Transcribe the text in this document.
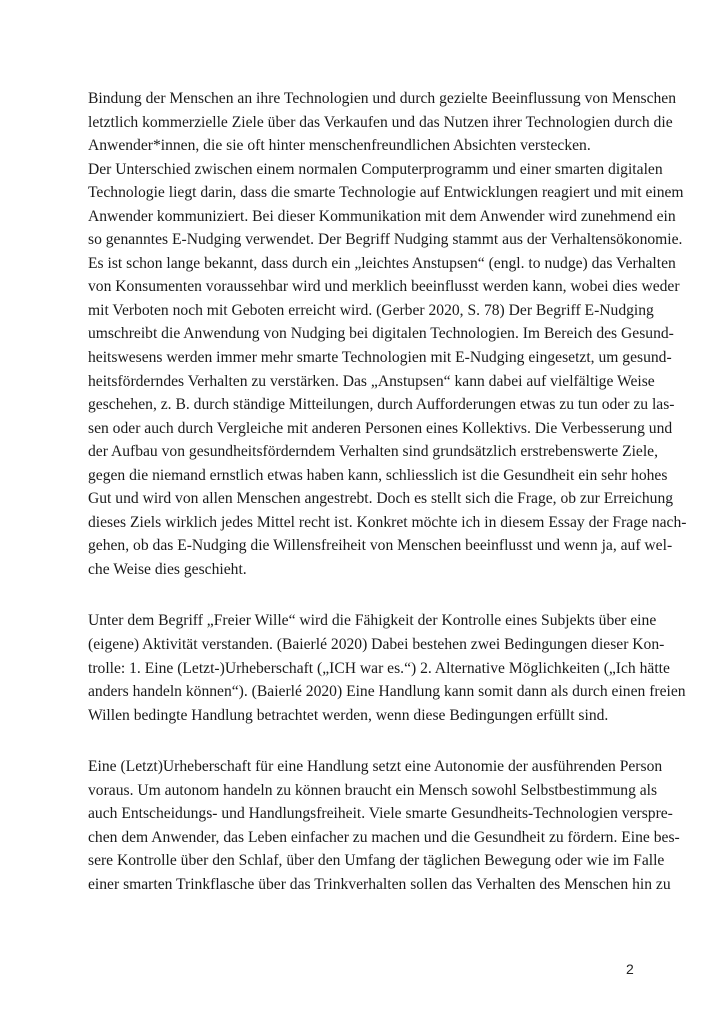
Bindung der Menschen an ihre Technologien und durch gezielte Beeinflussung von Menschen
letztlich kommerzielle Ziele über das Verkaufen und das Nutzen ihrer Technologien durch die
Anwender*innen, die sie oft hinter menschenfreundlichen Absichten verstecken.
Der Unterschied zwischen einem normalen Computerprogramm und einer smarten digitalen
Technologie liegt darin, dass die smarte Technologie auf Entwicklungen reagiert und mit einem
Anwender kommuniziert. Bei dieser Kommunikation mit dem Anwender wird zunehmend ein
so genanntes E-Nudging verwendet. Der Begriff Nudging stammt aus der Verhaltensökonomie.
Es ist schon lange bekannt, dass durch ein „leichtes Anstupsen“ (engl. to nudge) das Verhalten
von Konsumenten voraussehbar wird und merklich beeinflusst werden kann, wobei dies weder
mit Verboten noch mit Geboten erreicht wird. (Gerber 2020, S. 78) Der Begriff E-Nudging
umschreibt die Anwendung von Nudging bei digitalen Technologien. Im Bereich des Gesund-
heitswesens werden immer mehr smarte Technologien mit E-Nudging eingesetzt, um gesund-
heitsförderndes Verhalten zu verstärken. Das „Anstupsen“ kann dabei auf vielfältige Weise
geschehen, z. B. durch ständige Mitteilungen, durch Aufforderungen etwas zu tun oder zu las-
sen oder auch durch Vergleiche mit anderen Personen eines Kollektivs. Die Verbesserung und
der Aufbau von gesundheitsförderndem Verhalten sind grundsätzlich erstrebenswerte Ziele,
gegen die niemand ernstlich etwas haben kann, schliesslich ist die Gesundheit ein sehr hohes
Gut und wird von allen Menschen angestrebt. Doch es stellt sich die Frage, ob zur Erreichung
dieses Ziels wirklich jedes Mittel recht ist. Konkret möchte ich in diesem Essay der Frage nach-
gehen, ob das E-Nudging die Willensfreiheit von Menschen beeinflusst und wenn ja, auf wel-
che Weise dies geschieht.

Unter dem Begriff „Freier Wille“ wird die Fähigkeit der Kontrolle eines Subjekts über eine
(eigene) Aktivität verstanden. (Baierlé 2020) Dabei bestehen zwei Bedingungen dieser Kon-
trolle: 1. Eine (Letzt-)Urheberschaft („ICH war es.“) 2. Alternative Möglichkeiten („Ich hätte
anders handeln können“). (Baierlé 2020) Eine Handlung kann somit dann als durch einen freien
Willen bedingte Handlung betrachtet werden, wenn diese Bedingungen erfüllt sind.

Eine (Letzt)Urheberschaft für eine Handlung setzt eine Autonomie der ausführenden Person
voraus. Um autonom handeln zu können braucht ein Mensch sowohl Selbstbestimmung als
auch Entscheidungs- und Handlungsfreiheit. Viele smarte Gesundheits-Technologien verspre-
chen dem Anwender, das Leben einfacher zu machen und die Gesundheit zu fördern. Eine bes-
sere Kontrolle über den Schlaf, über den Umfang der täglichen Bewegung oder wie im Falle
einer smarten Trinkflasche über das Trinkverhalten sollen das Verhalten des Menschen hin zu

2
